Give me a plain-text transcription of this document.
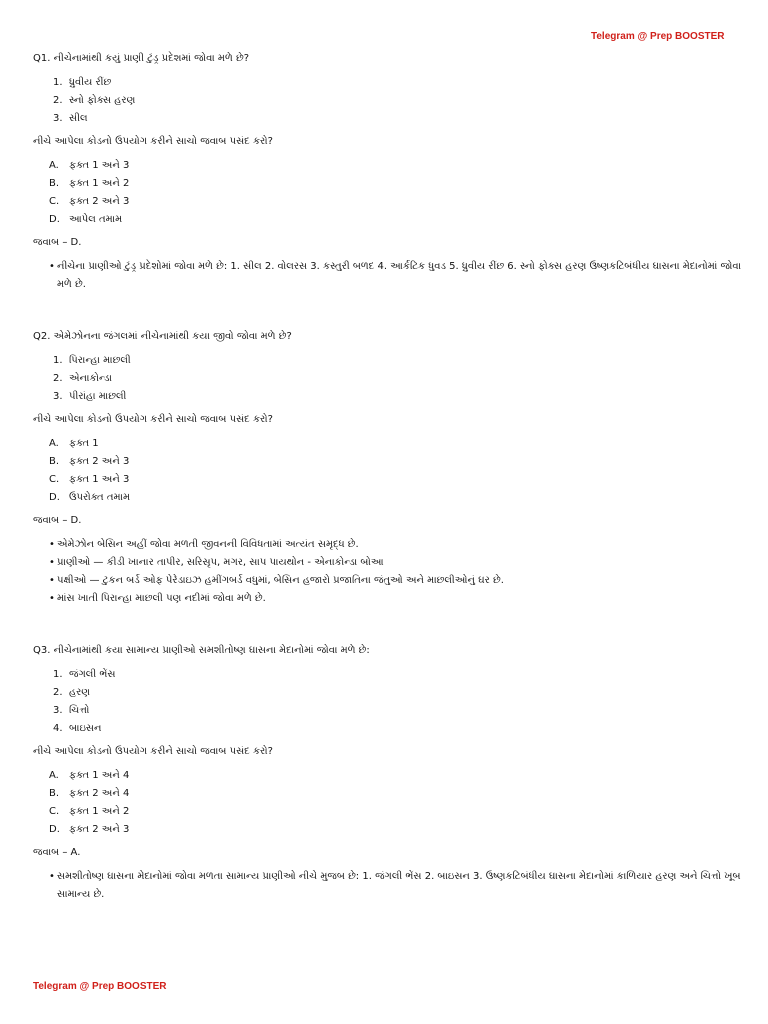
Telegram @ Prep BOOSTER

Q1. નીચેનામાંથી કયું પ્રાણી ટુંડ્ર પ્રદેશમાં જોવા મળે છે?

1. ધ્રુવીય રીંછ
2. સ્નો ફોક્સ હરણ
3. સીલ

નીચે આપેલા કોડનો ઉપયોગ કરીને સાચો જવાબ પસંદ કરો?

A.	ફક્ત 1 અને 3
B. ફક્ત 1 અને 2
C. ફક્ત 2 અને 3
D. આપેલ તમામ

જવાબ – D.

• નીચેના પ્રાણીઓ ટુંડ્ર પ્રદેશોમાં જોવા મળે છે: 1. સીલ 2. વોલરસ 3. કસ્તુરી બળદ 4. આર્કટિક ધુવડ 5. ધ્રુવીય રીંછ 6. સ્નો ફોક્સ હરણ ઉષ્ણકટિબંધીય ઘાસના મેદાનોમાં જોવા મળે છે.

Q2. એમેઝોનના જંગલમાં નીચેનામાંથી કયા જીવો જોવા મળે છે?

1. પિરાન્હા માછલી
2. એનાકોન્ડા
3. પીરાંહા માછલી

નીચે આપેલા કોડનો ઉપયોગ કરીને સાચો જવાબ પસંદ કરો?

A.	ફક્ત 1
B. ફક્ત 2 અને 3
C. ફક્ત 1 અને 3
D. ઉપરોક્ત તમામ

જવાબ – D.

• એમેઝોન બેસિન અહીં જોવા મળતી જીવનની વિવિધતામાં અત્યંત સમૃદ્ધ છે.
• પ્રાણીઓ — કીડી ખાનાર તાપીર, સરિસૃપ, મગર, સાપ પાયથોન - એનાકોન્ડા બોઆ
• પક્ષીઓ — ટુકન બર્ડ ઓફ પેરેડાઇઝ હમીંગબર્ડ વધુમાં, બેસિન હજારો પ્રજાતિના જંતુઓ અને માછલીઓનું ઘર છે.
• માંસ ખાતી પિરાન્હા માછલી પણ નદીમાં જોવા મળે છે.

Q3. નીચેનામાંથી કયા સામાન્ય પ્રાણીઓ સમશીતોષ્ણ ઘાસના મેદાનોમાં જોવા મળે છે:

1. જંગલી ભેંસ
2. હરણ
3. ચિત્તો
4. બાઇસન

નીચે આપેલા કોડનો ઉપયોગ કરીને સાચો જવાબ પસંદ કરો?

A.	ફક્ત 1 અને 4
B. ફક્ત 2 અને 4
C. ફક્ત 1 અને 2
D. ફક્ત 2 અને 3

જવાબ – A.

• સમશીતોષ્ણ ઘાસના મેદાનોમાં જોવા મળતા સામાન્ય પ્રાણીઓ નીચે મુજબ છે: 1. જંગલી ભેંસ 2. બાઇસન 3. ઉષ્ણકટિબંધીય ઘાસના મેદાનોમાં કાળિયાર હરણ અને ચિત્તો ખૂબ સામાન્ય છે.
Telegram @ Prep BOOSTER
